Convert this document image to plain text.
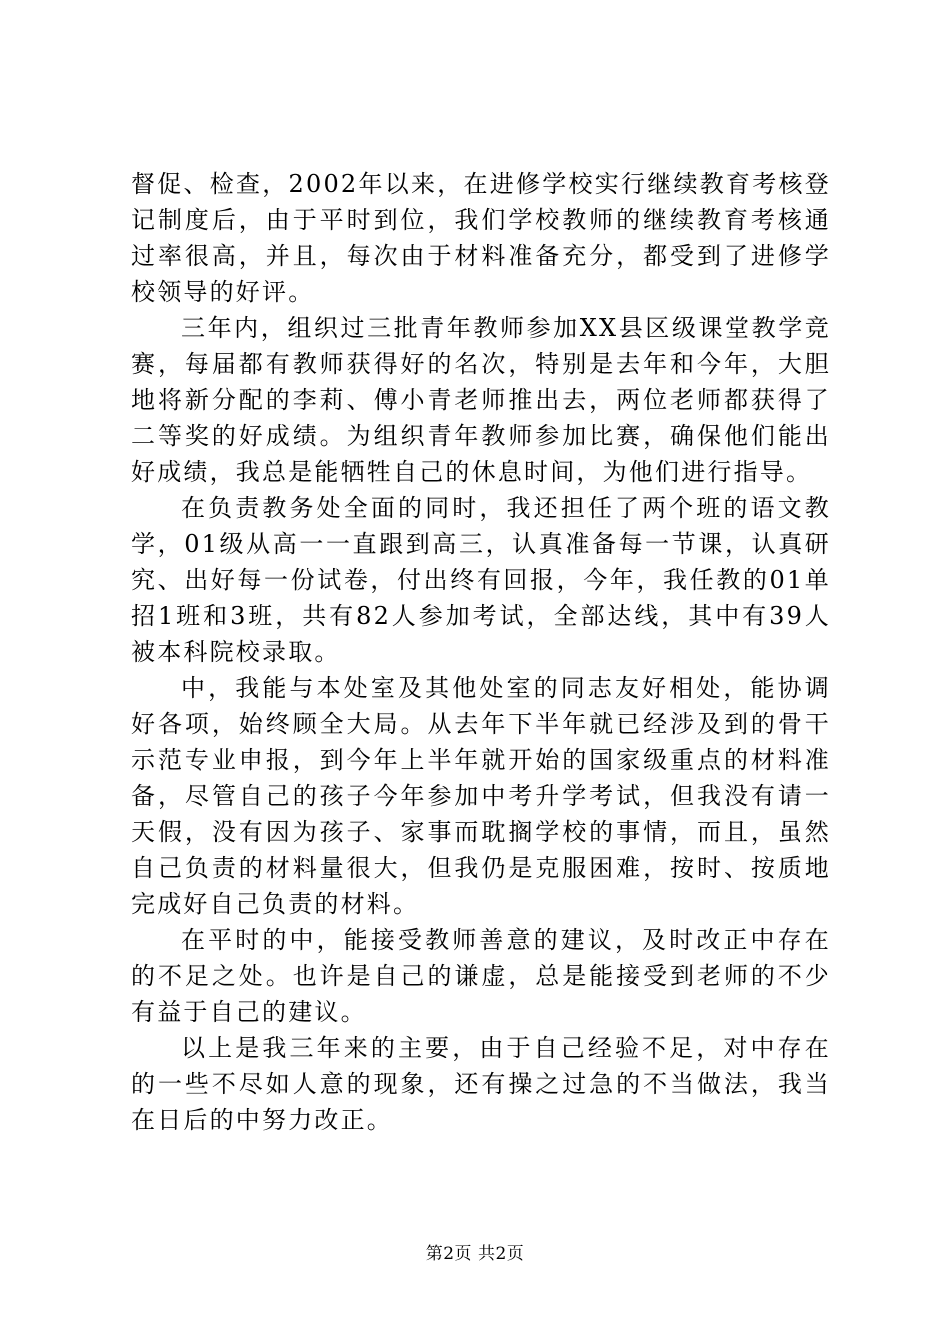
督促、检查，2002年以来，在进修学校实行继续教育考核登记制度后，由于平时到位，我们学校教师的继续教育考核通过率很高，并且，每次由于材料准备充分，都受到了进修学校领导的好评。

三年内，组织过三批青年教师参加XX县区级课堂教学竞赛，每届都有教师获得好的名次，特别是去年和今年，大胆地将新分配的李莉、傅小青老师推出去，两位老师都获得了二等奖的好成绩。为组织青年教师参加比赛，确保他们能出好成绩，我总是能牺牲自己的休息时间，为他们进行指导。

在负责教务处全面的同时，我还担任了两个班的语文教学，01级从高一一直跟到高三，认真准备每一节课，认真研究、出好每一份试卷，付出终有回报，今年，我任教的01单招1班和3班，共有82人参加考试，全部达线，其中有39人被本科院校录取。

中，我能与本处室及其他处室的同志友好相处，能协调好各项，始终顾全大局。从去年下半年就已经涉及到的骨干示范专业申报，到今年上半年就开始的国家级重点的材料准备，尽管自己的孩子今年参加中考升学考试，但我没有请一天假，没有因为孩子、家事而耽搁学校的事情，而且，虽然自己负责的材料量很大，但我仍是克服困难，按时、按质地完成好自己负责的材料。

在平时的中，能接受教师善意的建议，及时改正中存在的不足之处。也许是自己的谦虚，总是能接受到老师的不少有益于自己的建议。

以上是我三年来的主要，由于自己经验不足，对中存在的一些不尽如人意的现象，还有操之过急的不当做法，我当在日后的中努力改正。

第2页 共2页
